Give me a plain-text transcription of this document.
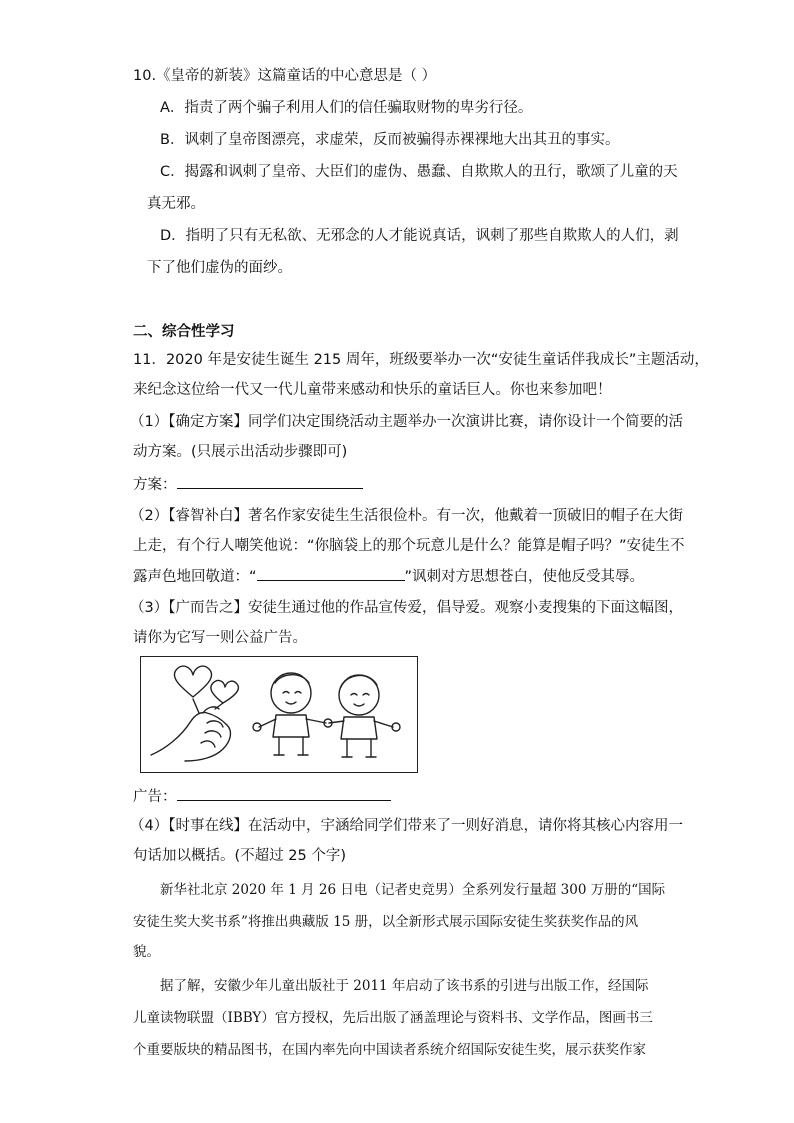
10.《皇帝的新装》这篇童话的中心意思是（ ）
A．指责了两个骗子利用人们的信任骗取财物的卑劣行径。
B．讽刺了皇帝图漂亮，求虚荣，反而被骗得赤裸裸地大出其丑的事实。
C．揭露和讽刺了皇帝、大臣们的虚伪、愚蠢、自欺欺人的丑行，歌颂了儿童的天
真无邪。
D．指明了只有无私欲、无邪念的人才能说真话，讽刺了那些自欺欺人的人们，剥
下了他们虚伪的面纱。
二、综合性学习
11．2020 年是安徒生诞生 215 周年，班级要举办一次“安徒生童话伴我成长”主题活动，
来纪念这位给一代又一代儿童带来感动和快乐的童话巨人。你也来参加吧！
（1）【确定方案】同学们决定围绕活动主题举办一次演讲比赛，请你设计一个简要的活
动方案。(只展示出活动步骤即可)
方案：
（2）【睿智补白】著名作家安徒生生活很俭朴。有一次，他戴着一顶破旧的帽子在大街
上走，有个行人嘲笑他说：“你脑袋上的那个玩意儿是什么？能算是帽子吗？”安徒生不
露声色地回敬道：“	”讽刺对方思想苍白，使他反受其辱。
（3）【广而告之】安徒生通过他的作品宣传爱，倡导爱。观察小麦搜集的下面这幅图，
请你为它写一则公益广告。
广告：
（4）【时事在线】在活动中，宇涵给同学们带来了一则好消息，请你将其核心内容用一
句话加以概括。(不超过 25 个字)
新华社北京 2020 年 1 月 26 日电（记者史竞男）全系列发行量超 300 万册的“国际
安徒生奖大奖书系”将推出典藏版 15 册，以全新形式展示国际安徒生奖获奖作品的风
貌。
据了解，安徽少年儿童出版社于 2011 年启动了该书系的引进与出版工作，经国际
儿童读物联盟（IBBY）官方授权，先后出版了涵盖理论与资料书、文学作品，图画书三
个重要版块的精品图书，在国内率先向中国读者系统介绍国际安徒生奖，展示获奖作家
